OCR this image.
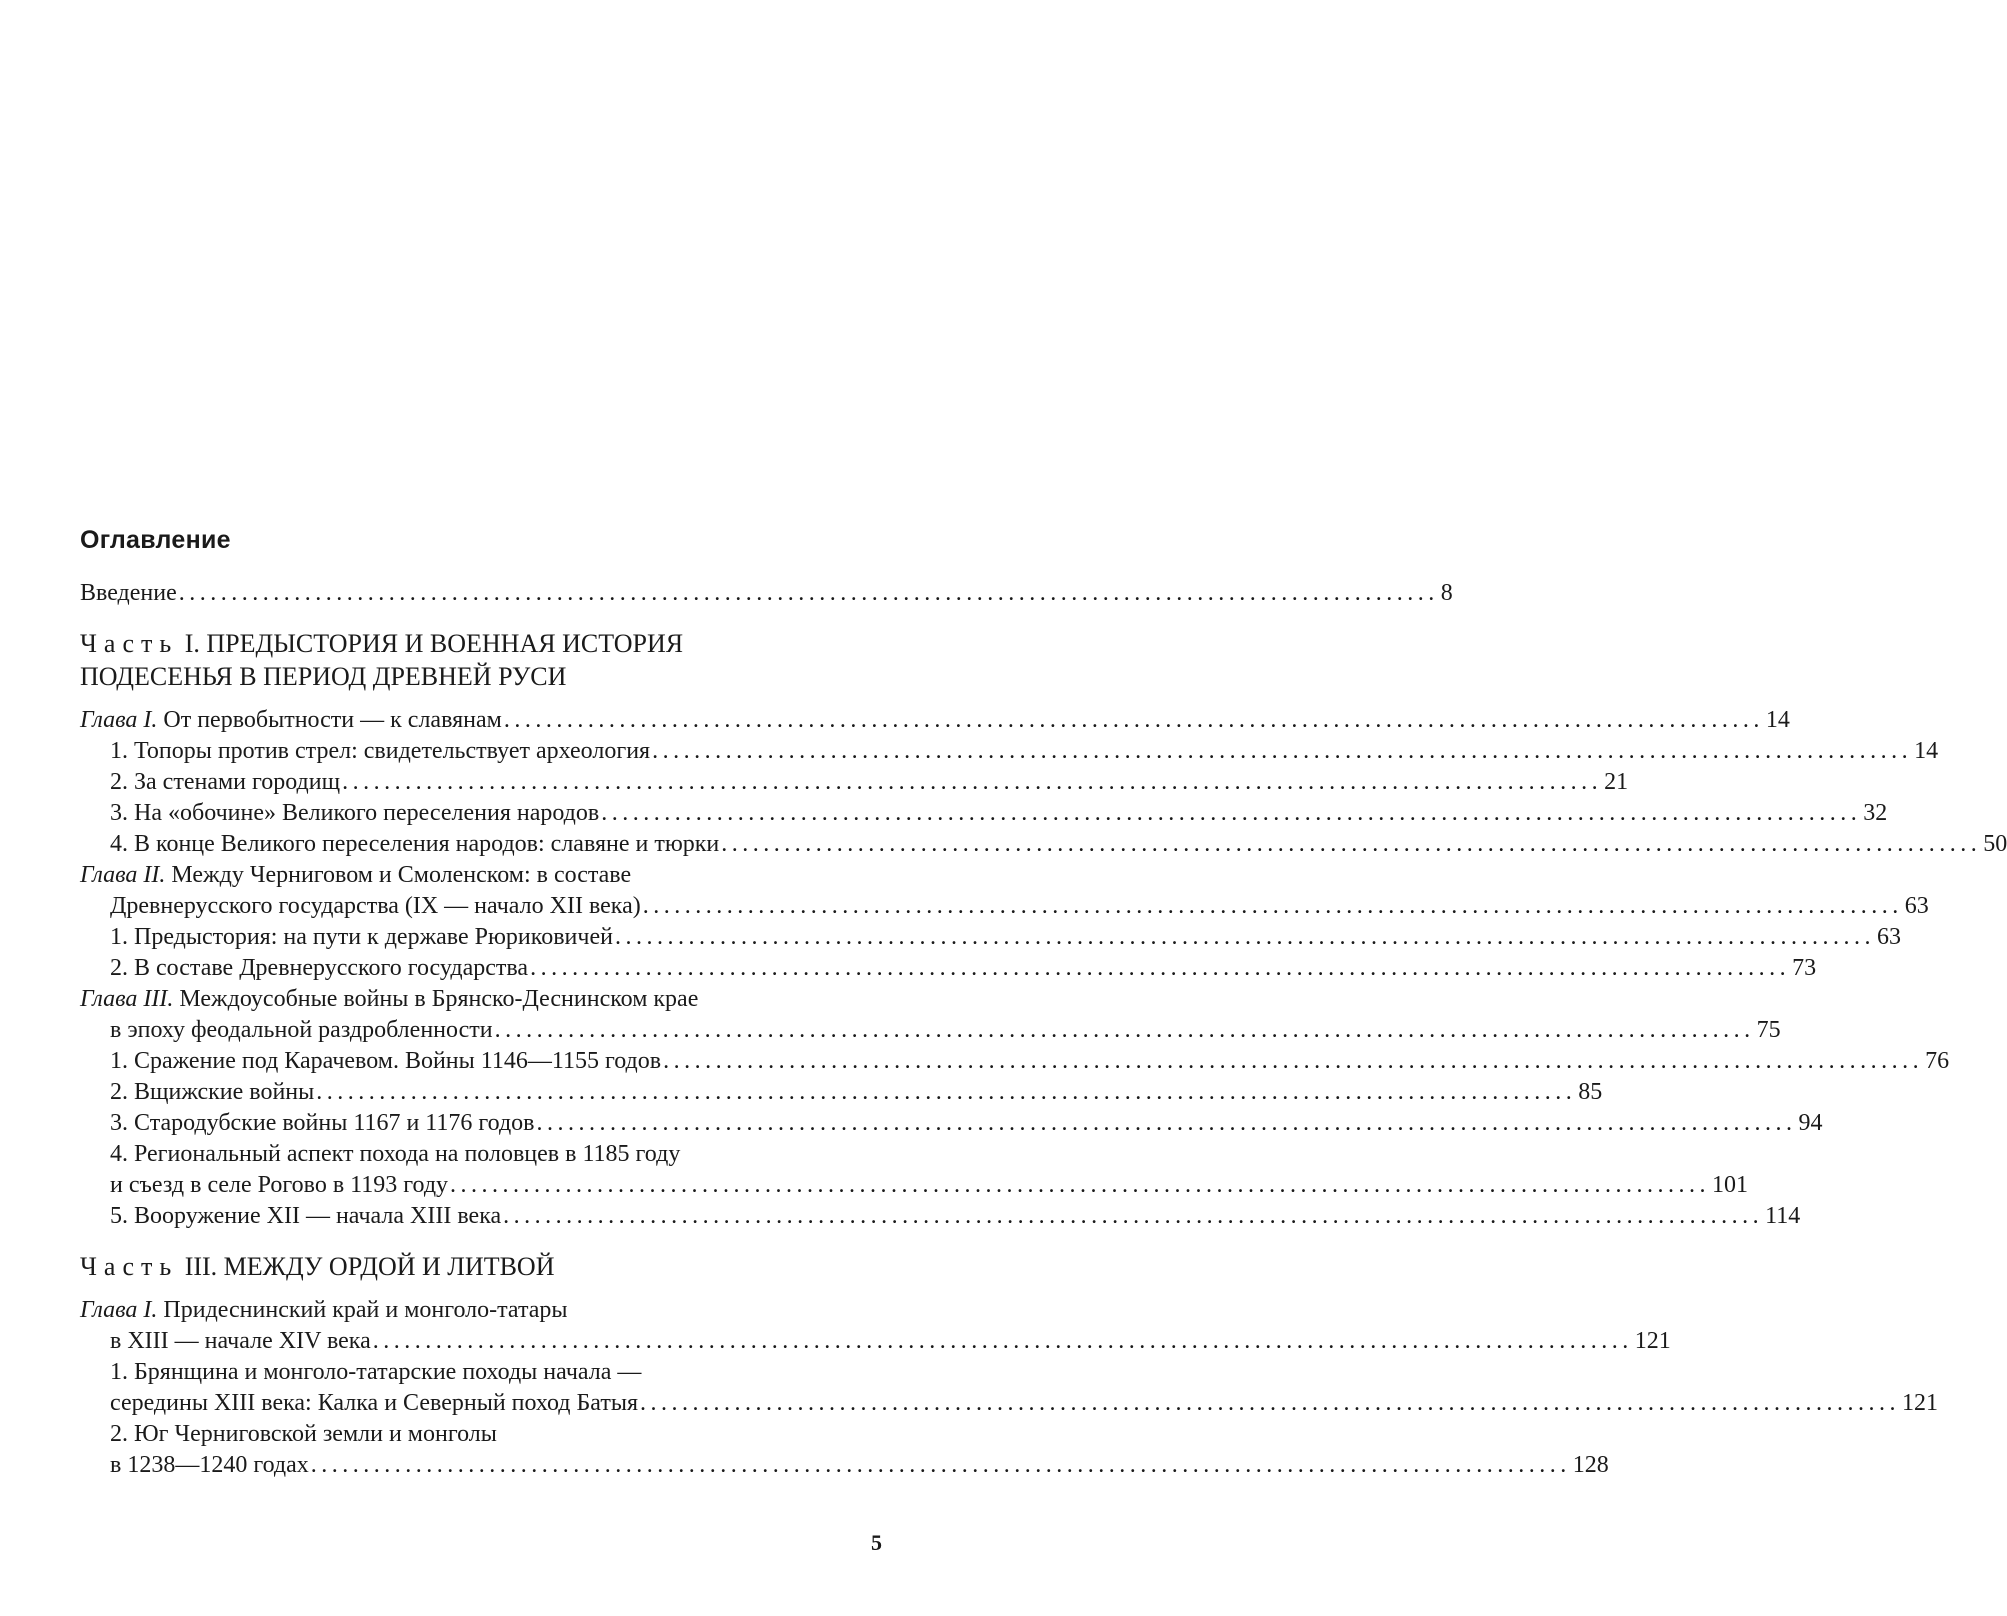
Оглавление
Введение ........................................................................................................................ 8
Часть I. ПРЕДЫСТОРИЯ И ВОЕННАЯ ИСТОРИЯ
ПОДЕСЕНЬЯ В ПЕРИОД ДРЕВНЕЙ РУСИ
Глава I. От первобытности — к славянам ........................................................................................................................ 14
1. Топоры против стрел: свидетельствует археология ........................................................................................................................ 14
2. За стенами городищ ........................................................................................................................ 21
3. На «обочине» Великого переселения народов ........................................................................................................................ 32
4. В конце Великого переселения народов: славяне и тюрки ........................................................................................................................ 50
Глава II. Между Черниговом и Смоленском: в составе
Древнерусского государства (IX — начало XII века) ........................................................................................................................ 63
1. Предыстория: на пути к державе Рюриковичей ........................................................................................................................ 63
2. В составе Древнерусского государства ........................................................................................................................ 73
Глава III. Междоусобные войны в Брянско-Деснинском крае
в эпоху феодальной раздробленности ........................................................................................................................ 75
1. Сражение под Карачевом. Войны 1146—1155 годов ........................................................................................................................ 76
2. Вщижские войны ........................................................................................................................ 85
3. Стародубские войны 1167 и 1176 годов ........................................................................................................................ 94
4. Региональный аспект похода на половцев в 1185 году
и съезд в селе Рогово в 1193 году ........................................................................................................................ 101
5. Вооружение XII — начала XIII века ........................................................................................................................ 114
Часть III. МЕЖДУ ОРДОЙ И ЛИТВОЙ
Глава I. Придеснинский край и монголо-татары
в XIII — начале XIV века ........................................................................................................................ 121
1. Брянщина и монголо-татарские походы начала —
середины XIII века: Калка и Северный поход Батыя ........................................................................................................................ 121
2. Юг Черниговской земли и монголы
в 1238—1240 годах ........................................................................................................................ 128
5
